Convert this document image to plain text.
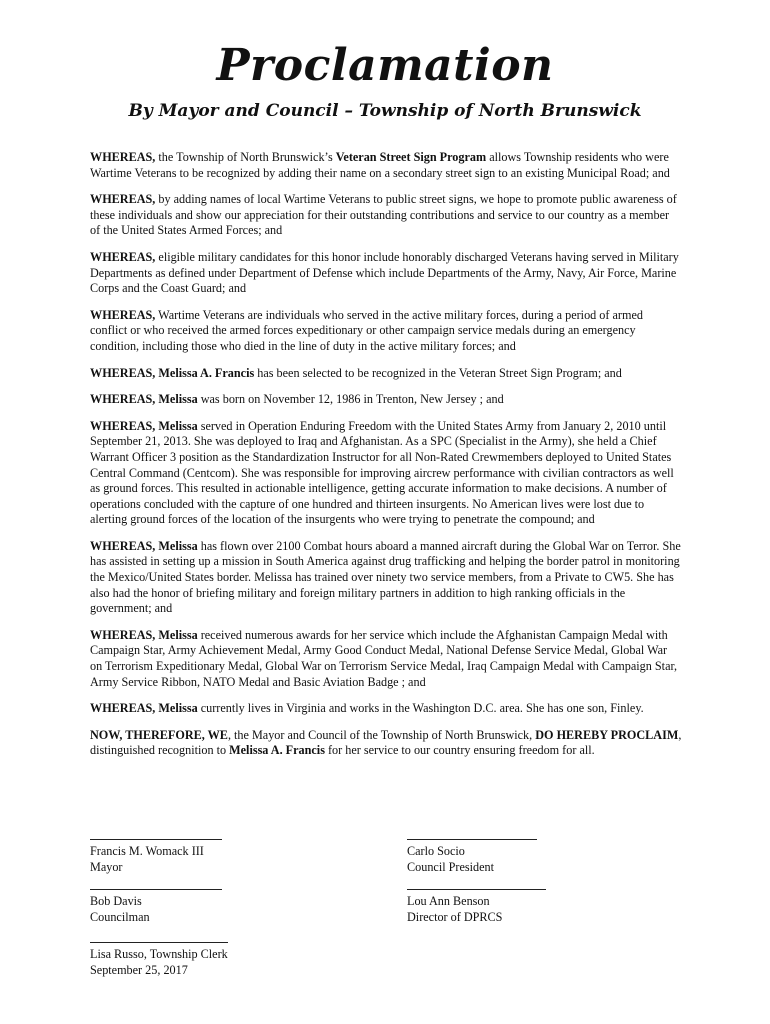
Proclamation
By Mayor and Council – Township of North Brunswick

WHEREAS, the Township of North Brunswick’s Veteran Street Sign Program allows Township residents who were Wartime Veterans to be recognized by adding their name on a secondary street sign to an existing Municipal Road; and

WHEREAS, by adding names of local Wartime Veterans to public street signs, we hope to promote public awareness of these individuals and show our appreciation for their outstanding contributions and service to our country as a member of the United States Armed Forces; and

WHEREAS, eligible military candidates for this honor include honorably discharged Veterans having served in Military Departments as defined under Department of Defense which include Departments of the Army, Navy, Air Force, Marine Corps and the Coast Guard; and

WHEREAS, Wartime Veterans are individuals who served in the active military forces, during a period of armed conflict or who received the armed forces expeditionary or other campaign service medals during an emergency condition, including those who died in the line of duty in the active military forces; and

WHEREAS, Melissa A. Francis has been selected to be recognized in the Veteran Street Sign Program; and

WHEREAS, Melissa was born on November 12, 1986 in Trenton, New Jersey ; and

WHEREAS, Melissa served in Operation Enduring Freedom with the United States Army from January 2, 2010 until September 21, 2013. She was deployed to Iraq and Afghanistan. As a SPC (Specialist in the Army), she held a Chief Warrant Officer 3 position as the Standardization Instructor for all Non-Rated Crewmembers deployed to United States Central Command (Centcom). She was responsible for improving aircrew performance with civilian contractors as well as ground forces. This resulted in actionable intelligence, getting accurate information to make decisions. A number of operations concluded with the capture of one hundred and thirteen insurgents. No American lives were lost due to alerting ground forces of the location of the insurgents who were trying to penetrate the compound; and

WHEREAS, Melissa has flown over 2100 Combat hours aboard a manned aircraft during the Global War on Terror. She has assisted in setting up a mission in South America against drug trafficking and helping the border patrol in monitoring the Mexico/United States border. Melissa has trained over ninety two service members, from a Private to CW5. She has also had the honor of briefing military and foreign military partners in addition to high ranking officials in the government; and

WHEREAS, Melissa received numerous awards for her service which include the Afghanistan Campaign Medal with Campaign Star, Army Achievement Medal, Army Good Conduct Medal, National Defense Service Medal, Global War on Terrorism Expeditionary Medal, Global War on Terrorism Service Medal, Iraq Campaign Medal with Campaign Star, Army Service Ribbon, NATO Medal and Basic Aviation Badge ; and

WHEREAS, Melissa currently lives in Virginia and works in the Washington D.C. area. She has one son, Finley.

NOW, THEREFORE, WE, the Mayor and Council of the Township of North Brunswick, DO HEREBY PROCLAIM, distinguished recognition to Melissa A. Francis for her service to our country ensuring freedom for all.

Francis M. Womack III
Mayor
Carlo Socio
Council President
Bob Davis
Councilman
Lou Ann Benson
Director of DPRCS
Lisa Russo, Township Clerk
September 25, 2017
